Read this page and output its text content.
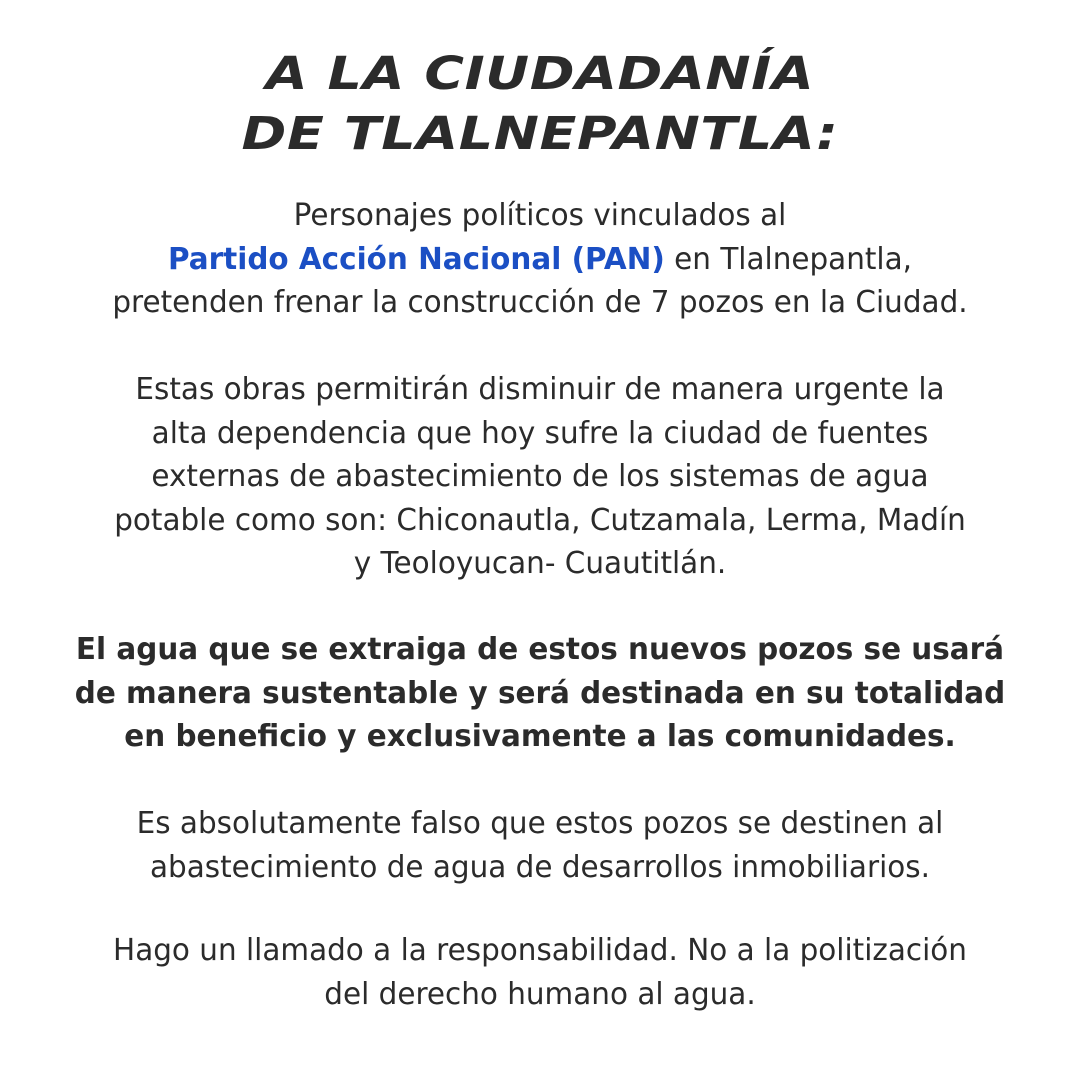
A LA CIUDADANÍA
DE TLALNEPANTLA:

Personajes políticos vinculados al
Partido Acción Nacional (PAN) en Tlalnepantla,
pretenden frenar la construcción de 7 pozos en la Ciudad.

Estas obras permitirán disminuir de manera urgente la
alta dependencia que hoy sufre la ciudad de fuentes
externas de abastecimiento de los sistemas de agua
potable como son: Chiconautla, Cutzamala, Lerma, Madín
y Teoloyucan- Cuautitlán.

El agua que se extraiga de estos nuevos pozos se usará
de manera sustentable y será destinada en su totalidad
en beneficio y exclusivamente a las comunidades.

Es absolutamente falso que estos pozos se destinen al
abastecimiento de agua de desarrollos inmobiliarios.

Hago un llamado a la responsabilidad. No a la politización
del derecho humano al agua.
